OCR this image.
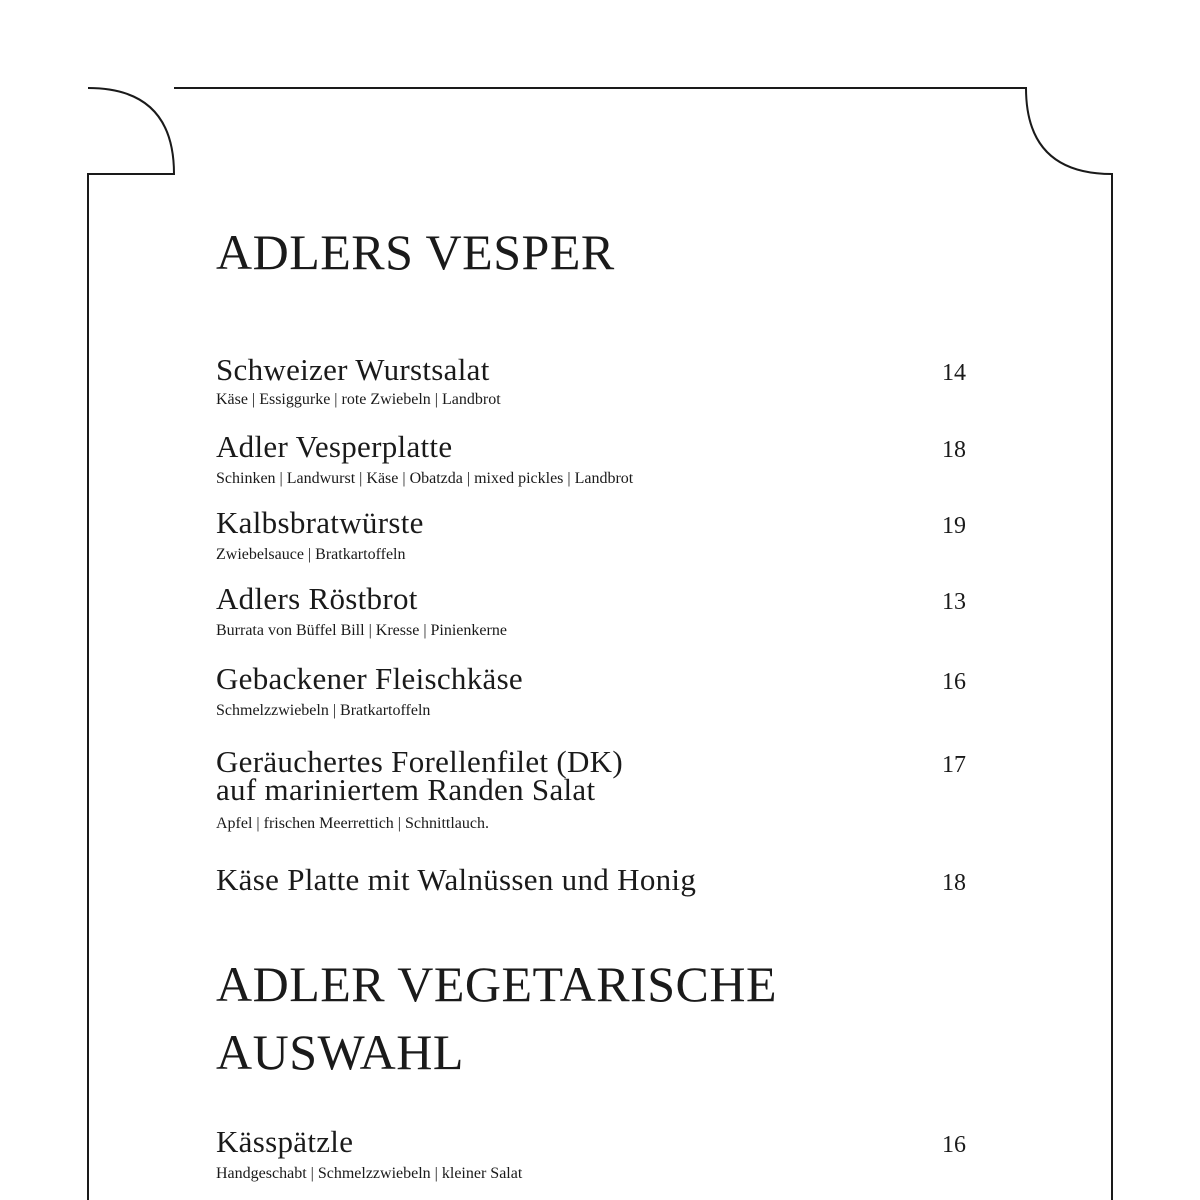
ADLERS VESPER
Schweizer Wurstsalat
Käse | Essiggurke | rote Zwiebeln | Landbrot
14
Adler Vesperplatte
Schinken | Landwurst | Käse | Obatzda | mixed pickles | Landbrot
18
Kalbsbratwürste
Zwiebelsauce | Bratkartoffeln
19
Adlers Röstbrot
Burrata von Büffel Bill | Kresse | Pinienkerne
13
Gebackener Fleischkäse
Schmelzzwiebeln | Bratkartoffeln
16
Geräuchertes Forellenfilet (DK)
auf mariniertem Randen Salat
Apfel | frischen Meerrettich | Schnittlauch.
17
Käse Platte mit Walnüssen und Honig	18
ADLER VEGETARISCHE
AUSWAHL
Kässpätzle
Handgeschabt | Schmelzzwiebeln | kleiner Salat
16
